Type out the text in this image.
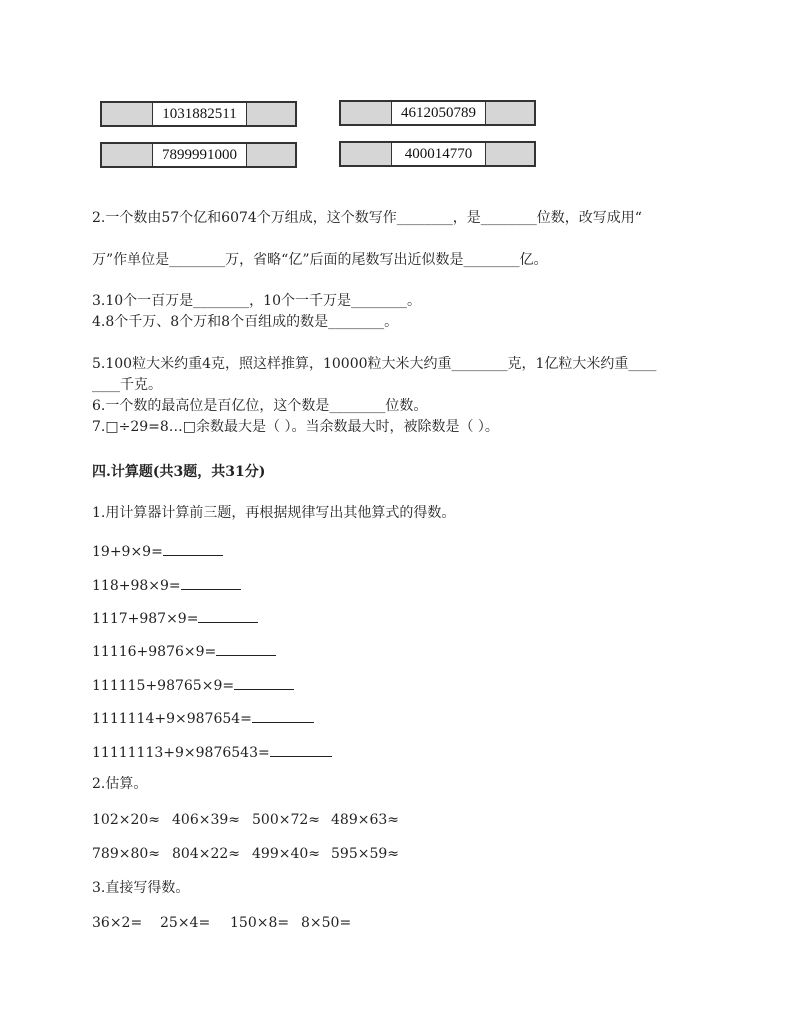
1031882511	4612050789
7899991000	400014770
2.一个数由57个亿和6074个万组成，这个数写作________，是________位数，改写成用“
万”作单位是________万，省略“亿”后面的尾数写出近似数是________亿。
3.10个一百万是________，10个一千万是________。
4.8个千万、8个万和8个百组成的数是________。
5.100粒大米约重4克，照这样推算，10000粒大米大约重________克，1亿粒大米约重____
____千克。
6.一个数的最高位是百亿位，这个数是________位数。
7.□÷29=8…□余数最大是（ ）。当余数最大时，被除数是（ ）。
四.计算题(共3题，共31分)
1.用计算器计算前三题，再根据规律写出其他算式的得数。
19+9×9=
118+98×9=
1117+987×9=
11116+9876×9=
111115+98765×9=
1111114+9×987654=
11111113+9×9876543=
2.估算。
102×20≈ 406×39≈ 500×72≈ 489×63≈
789×80≈ 804×22≈ 499×40≈ 595×59≈
3.直接写得数。
36×2= 25×4= 150×8= 8×50=
